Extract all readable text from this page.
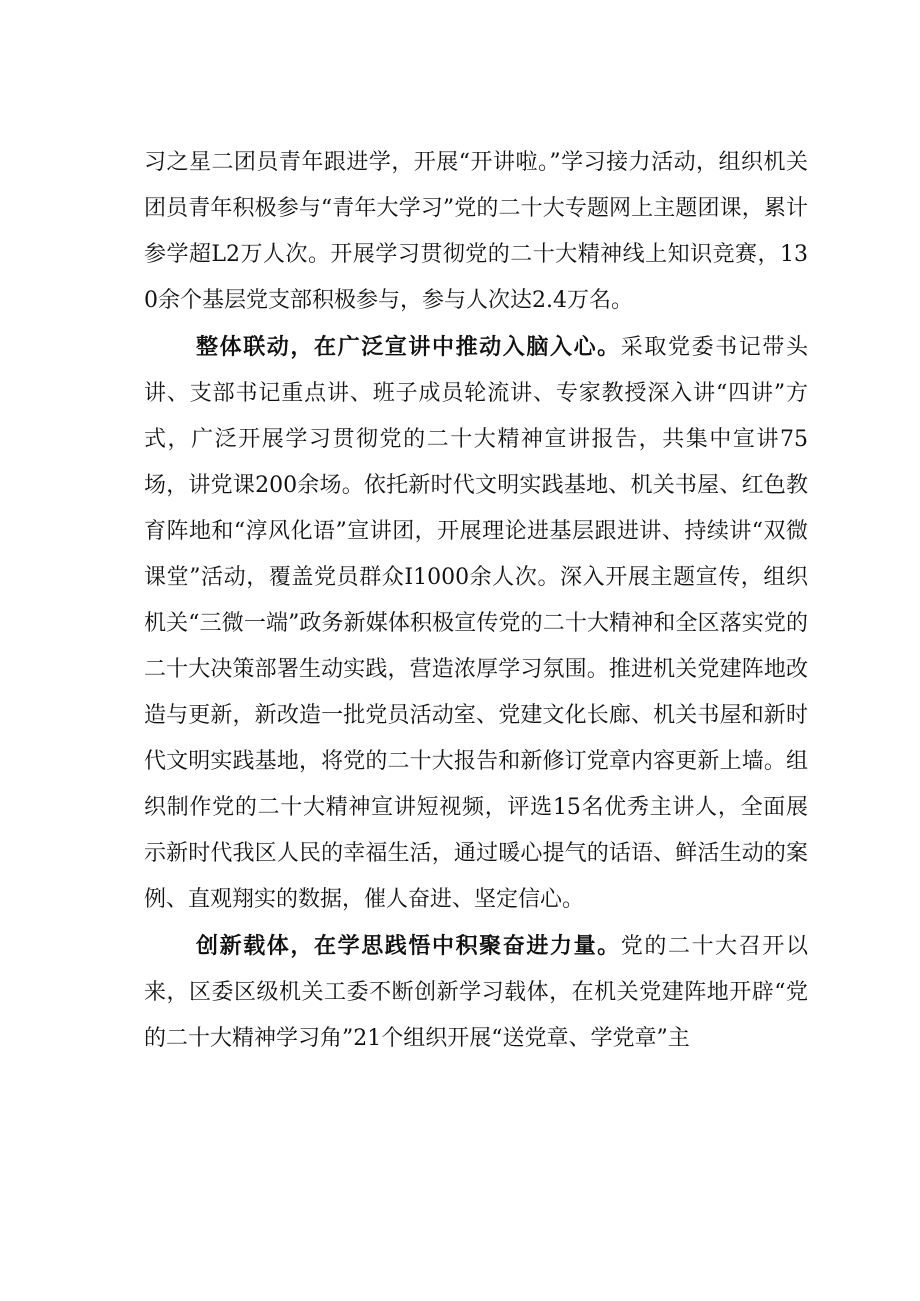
习之星二团员青年跟进学，开展“开讲啦。”学习接力活动，组织机关团员青年积极参与“青年大学习”党的二十大专题网上主题团课，累计参学超L2万人次。开展学习贯彻党的二十大精神线上知识竞赛，130余个基层党支部积极参与，参与人次达2.4万名。

整体联动，在广泛宣讲中推动入脑入心。采取党委书记带头讲、支部书记重点讲、班子成员轮流讲、专家教授深入讲“四讲”方式，广泛开展学习贯彻党的二十大精神宣讲报告，共集中宣讲75场，讲党课200余场。依托新时代文明实践基地、机关书屋、红色教育阵地和“淳风化语”宣讲团，开展理论进基层跟进讲、持续讲“双微课堂”活动，覆盖党员群众I1000余人次。深入开展主题宣传，组织机关“三微一端”政务新媒体积极宣传党的二十大精神和全区落实党的二十大决策部署生动实践，营造浓厚学习氛围。推进机关党建阵地改造与更新，新改造一批党员活动室、党建文化长廊、机关书屋和新时代文明实践基地，将党的二十大报告和新修订党章内容更新上墙。组织制作党的二十大精神宣讲短视频，评选15名优秀主讲人，全面展示新时代我区人民的幸福生活，通过暖心提气的话语、鲜活生动的案例、直观翔实的数据，催人奋进、坚定信心。

创新载体，在学思践悟中积聚奋进力量。党的二十大召开以来，区委区级机关工委不断创新学习载体，在机关党建阵地开辟“党的二十大精神学习角”21个组织开展“送党章、学党章”主
